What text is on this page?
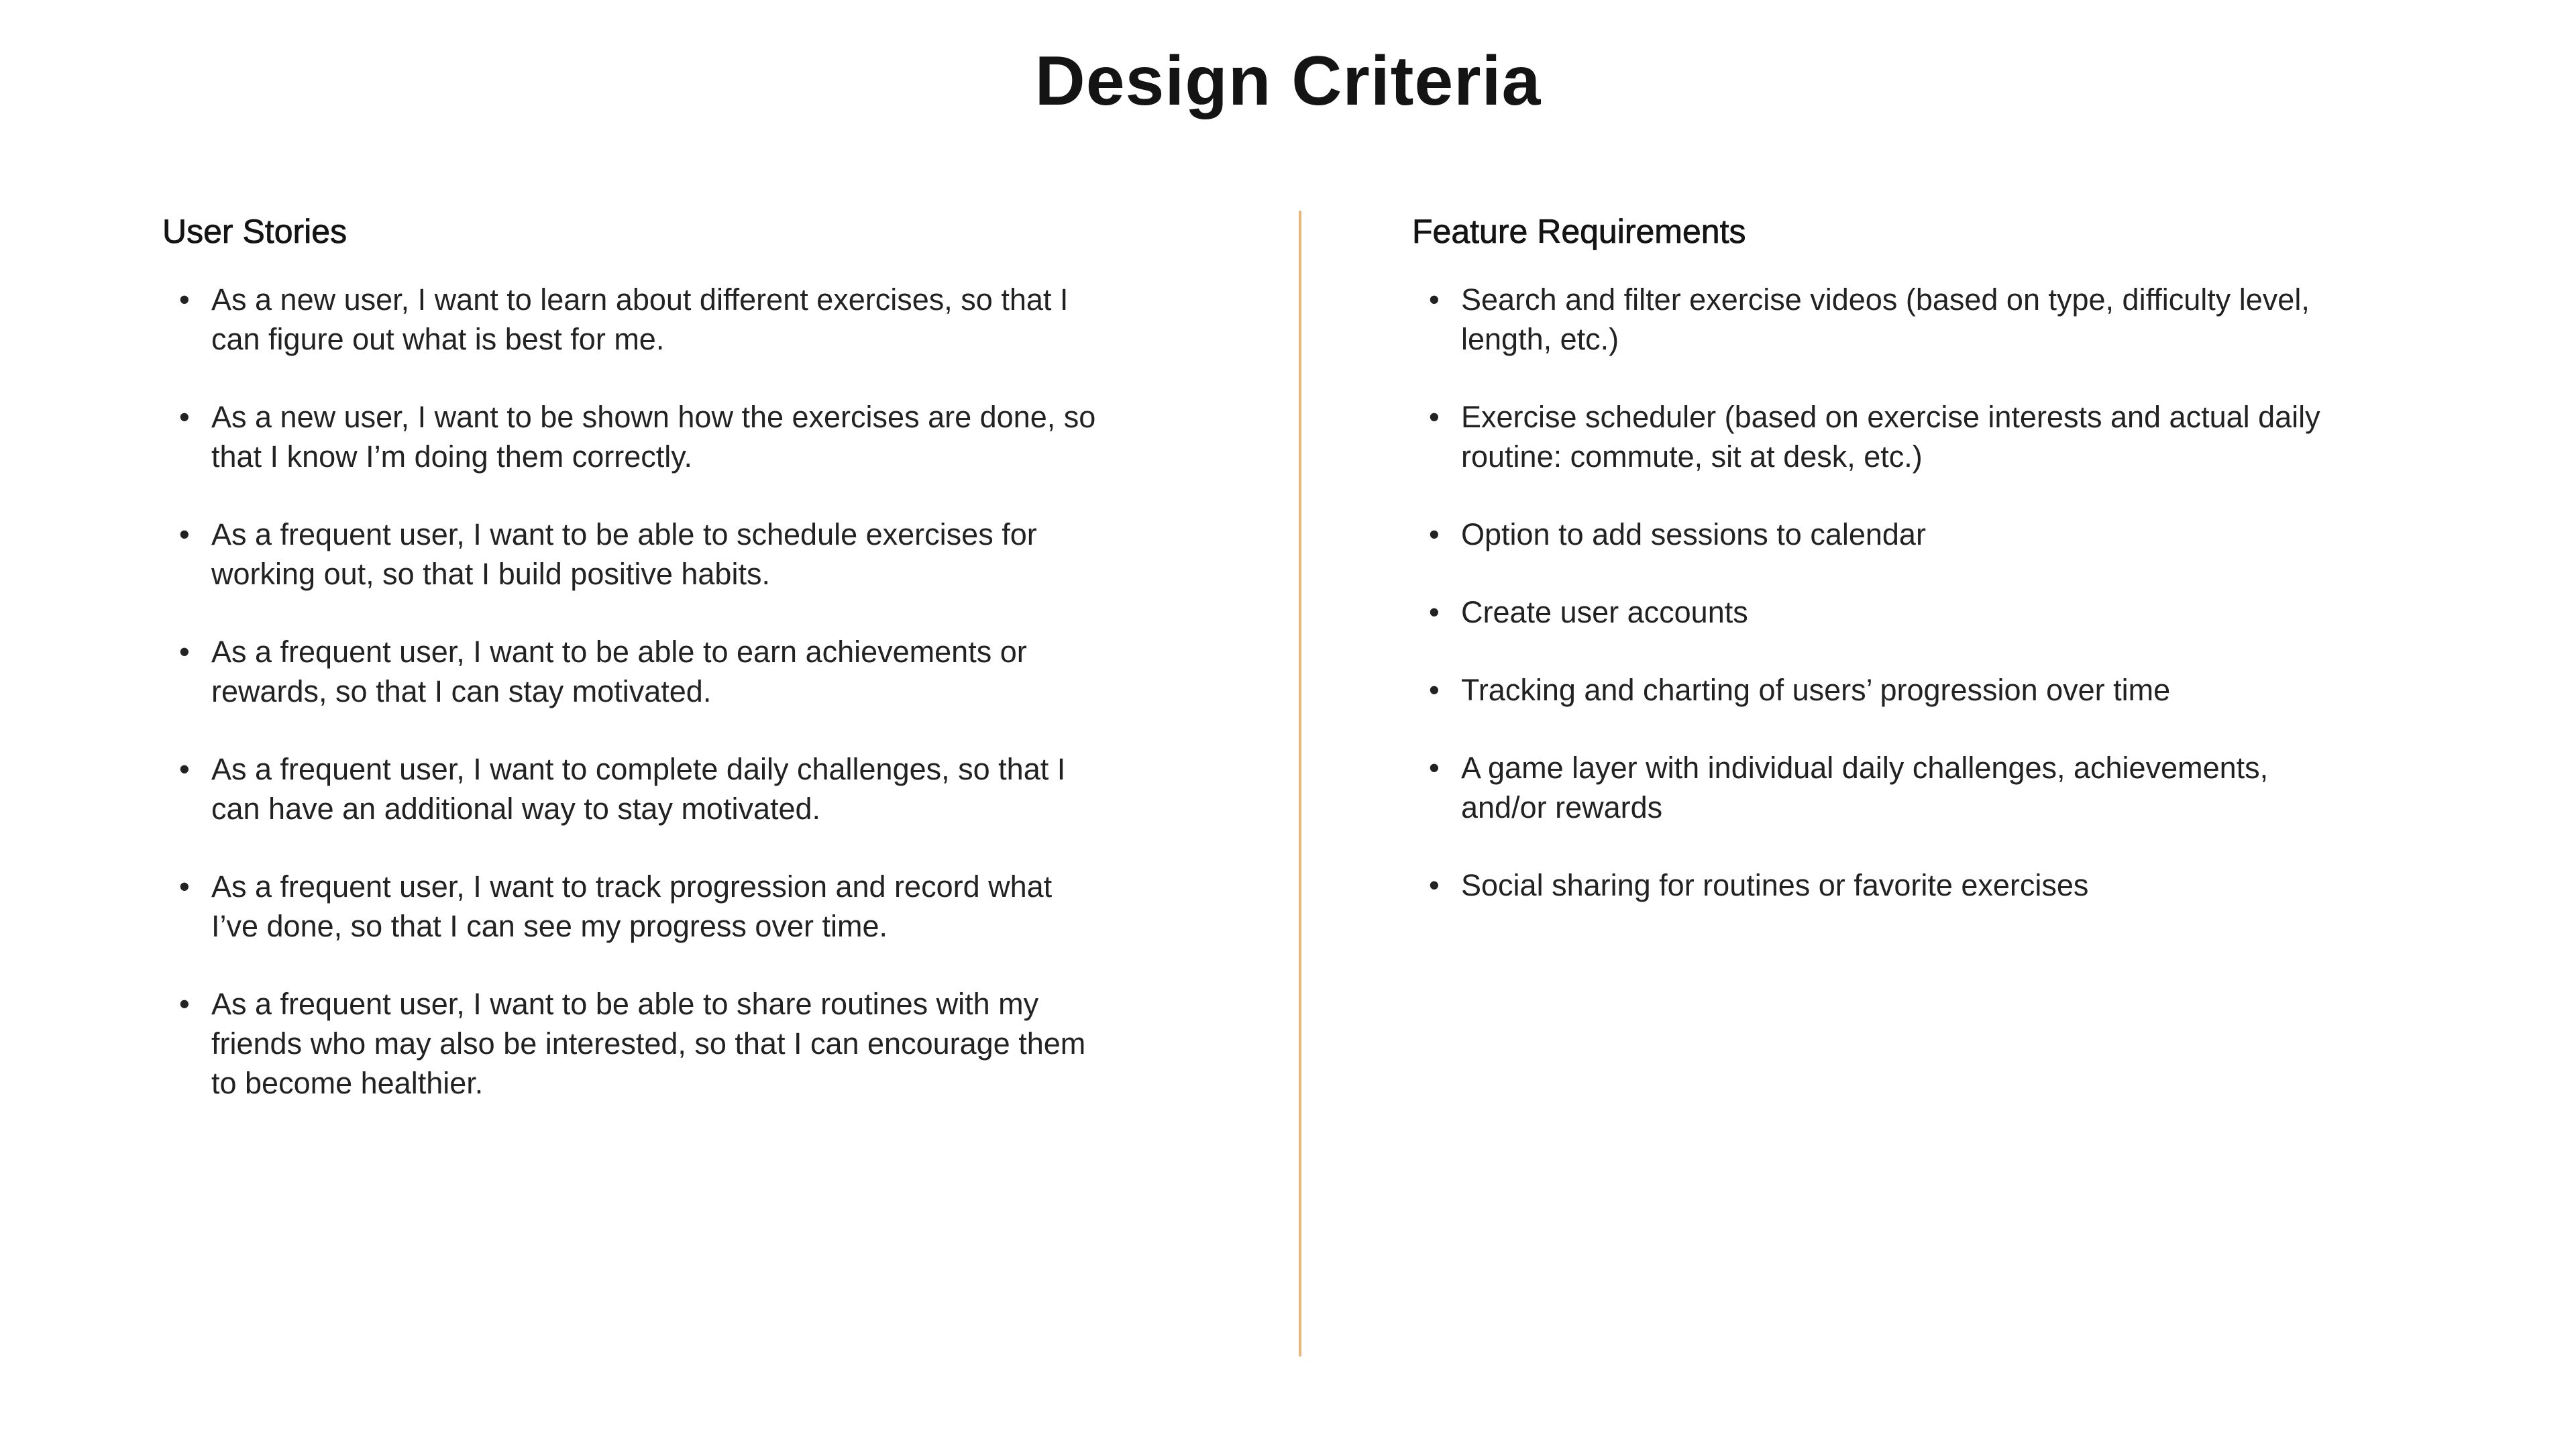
Design Criteria
User Stories
• As a new user, I want to learn about different exercises, so that I can figure out what is best for me.
• As a new user, I want to be shown how the exercises are done, so that I know I’m doing them correctly.
• As a frequent user, I want to be able to schedule exercises for working out, so that I build positive habits.
• As a frequent user, I want to be able to earn achievements or rewards, so that I can stay motivated.
• As a frequent user, I want to complete daily challenges, so that I can have an additional way to stay motivated.
• As a frequent user, I want to track progression and record what I’ve done, so that I can see my progress over time.
• As a frequent user, I want to be able to share routines with my friends who may also be interested, so that I can encourage them to become healthier.
Feature Requirements
• Search and filter exercise videos (based on type, difficulty level, length, etc.)
• Exercise scheduler (based on exercise interests and actual daily routine: commute, sit at desk, etc.)
• Option to add sessions to calendar
• Create user accounts
• Tracking and charting of users’ progression over time
• A game layer with individual daily challenges, achievements, and/or rewards
• Social sharing for routines or favorite exercises
